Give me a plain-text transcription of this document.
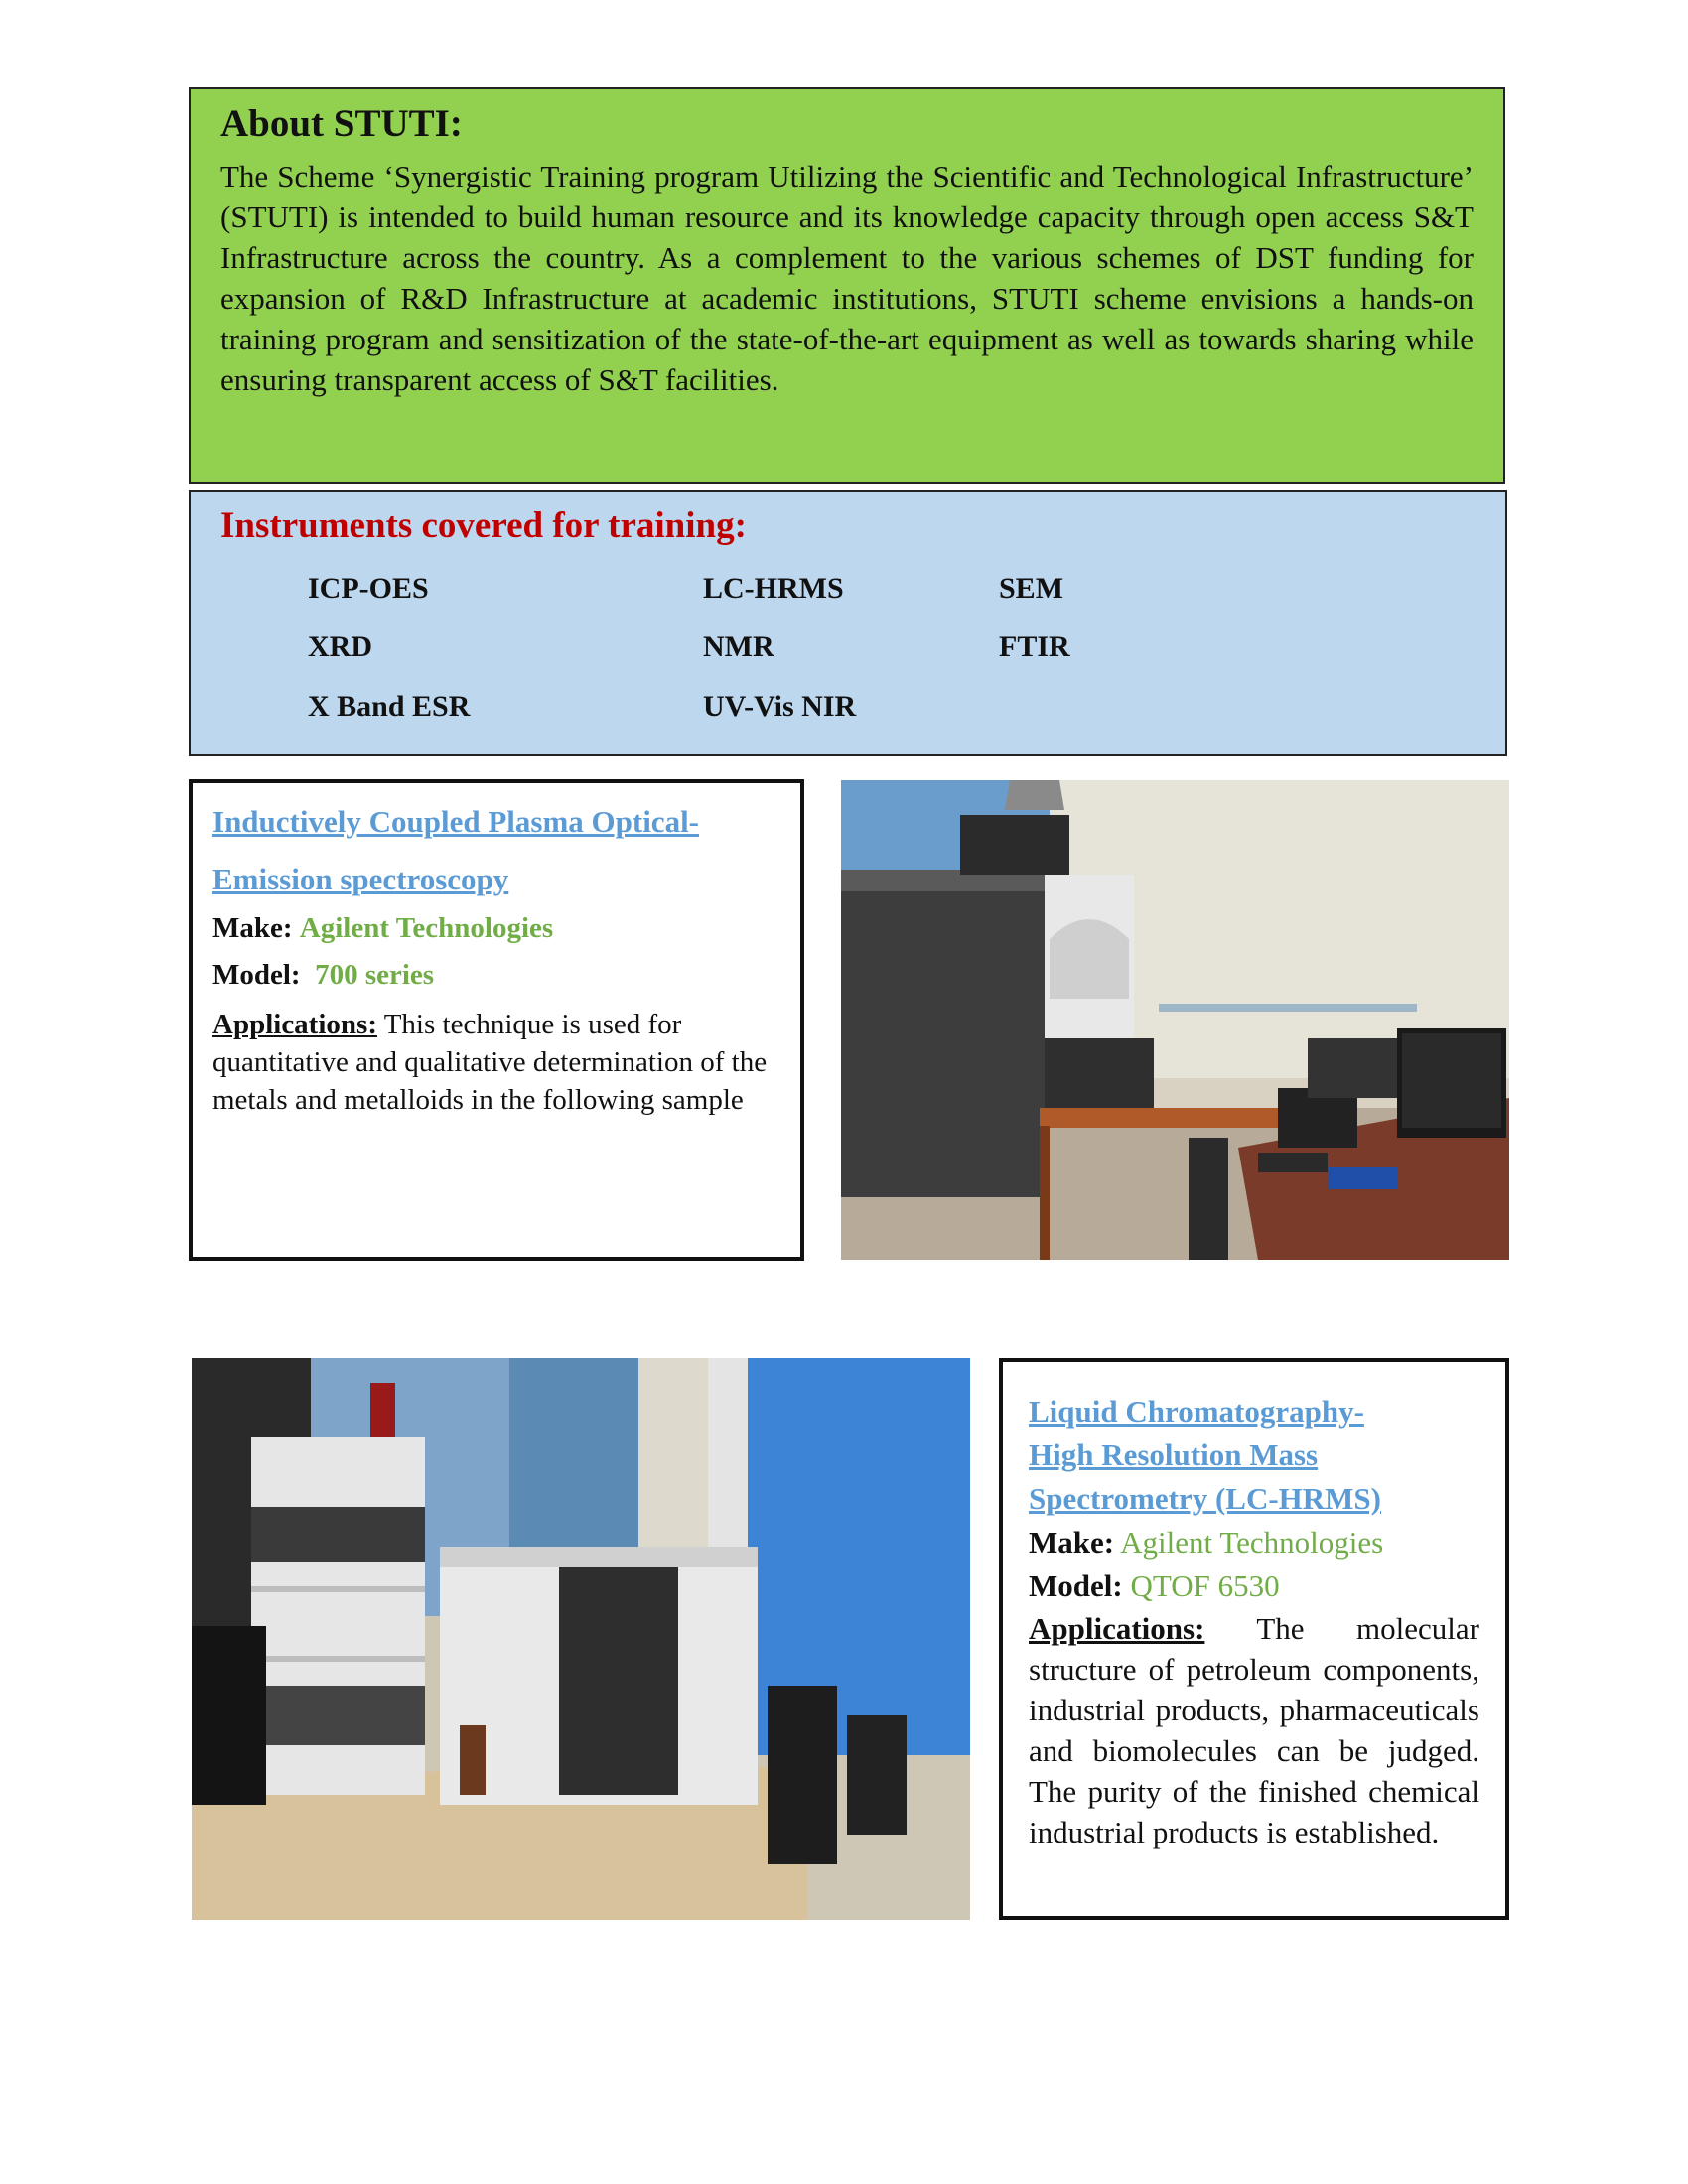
About STUTI:

The Scheme ‘Synergistic Training program Utilizing the Scientific and Technological Infrastructure’ (STUTI) is intended to build human resource and its knowledge capacity through open access S&T Infrastructure across the country. As a complement to the various schemes of DST funding for expansion of R&D Infrastructure at academic institutions, STUTI scheme envisions a hands-on training program and sensitization of the state-of-the-art equipment as well as towards sharing while ensuring transparent access of S&T facilities.

Instruments covered for training:
ICP-OES	LC-HRMS	SEM
XRD	NMR	FTIR
X Band ESR	UV-Vis NIR

Inductively Coupled Plasma Optical-
Emission spectroscopy

Make: Agilent Technologies

Model: 700 series

Applications: This technique is used for quantitative and qualitative determination of the metals and metalloids in the following sample

Liquid Chromatography-
High Resolution Mass
Spectrometry (LC-HRMS)

Make: Agilent Technologies

Model: QTOF 6530

Applications: The molecular structure of petroleum components, industrial products, pharmaceuticals and biomolecules can be judged. The purity of the finished chemical industrial products is established.
